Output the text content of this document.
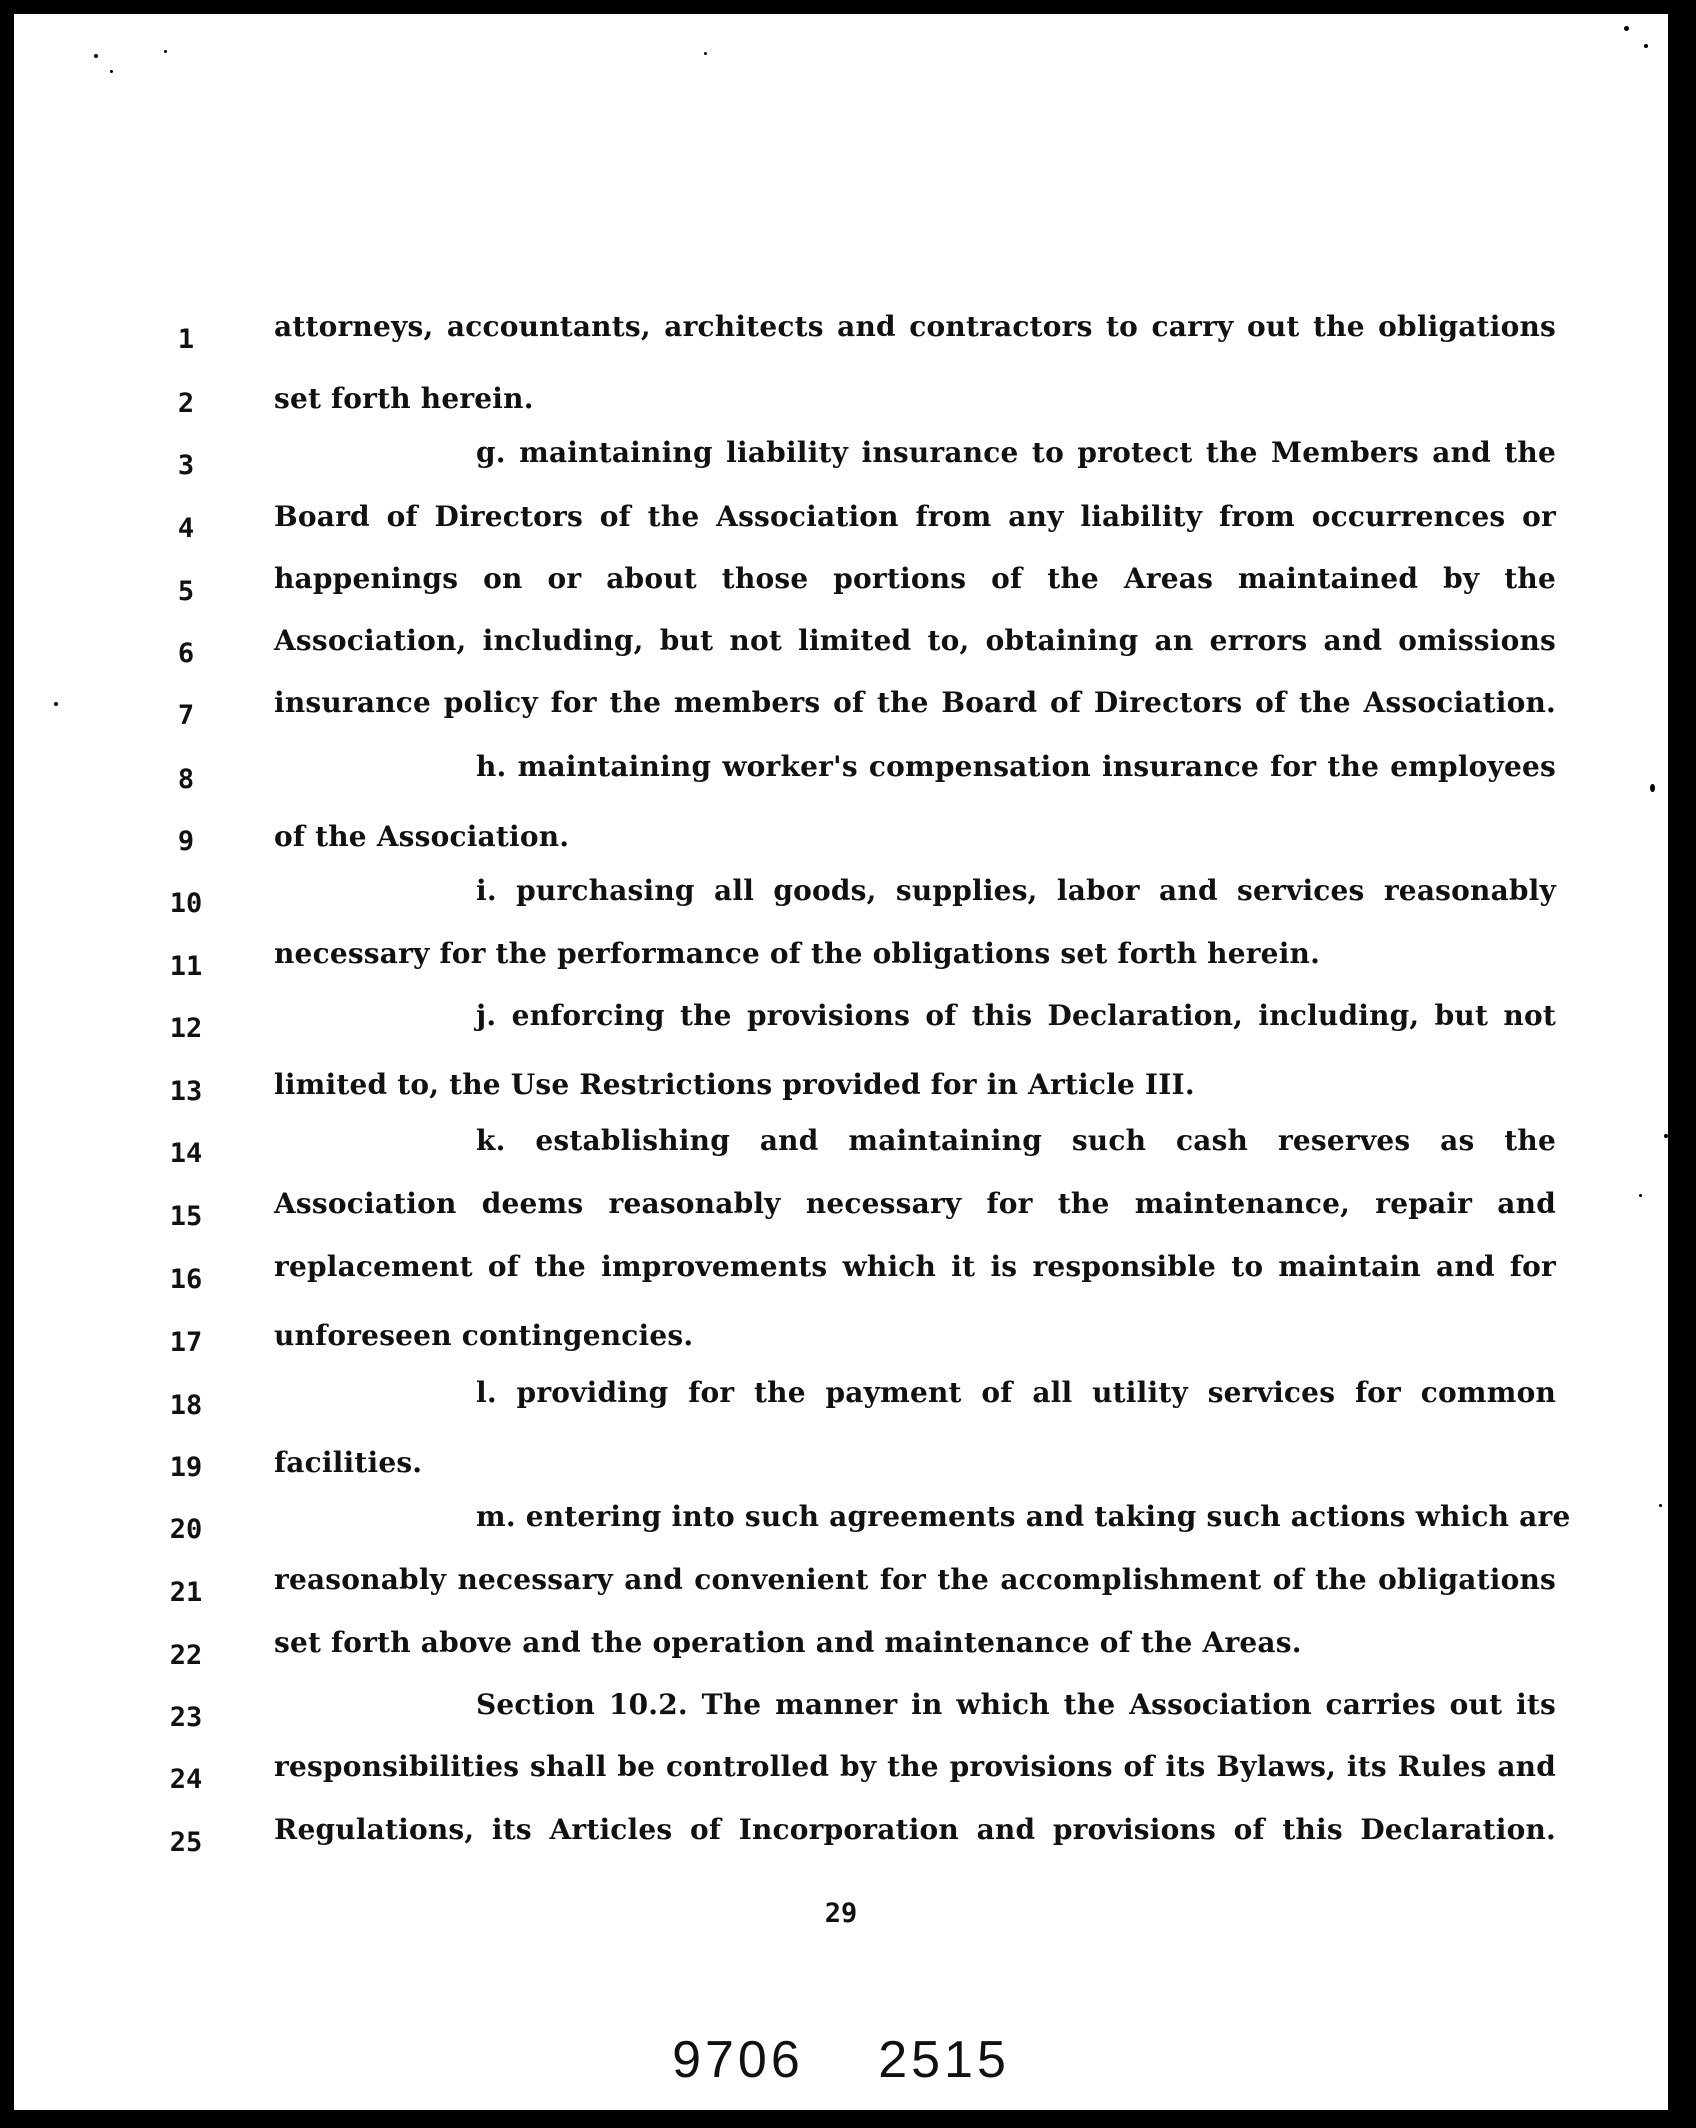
1	attorneys, accountants, architects and contractors to carry out the obligations
2	set forth herein.
3	g. maintaining liability insurance to protect the Members and the
4	Board of Directors of the Association from any liability from occurrences or
5	happenings on or about those portions of the Areas maintained by the
6	Association, including, but not limited to, obtaining an errors and omissions
7	insurance policy for the members of the Board of Directors of the Association.
8	h. maintaining worker's compensation insurance for the employees
9	of the Association.
10	i. purchasing all goods, supplies, labor and services reasonably
11	necessary for the performance of the obligations set forth herein.
12	j. enforcing the provisions of this Declaration, including, but not
13	limited to, the Use Restrictions provided for in Article III.
14	k. establishing and maintaining such cash reserves as the
15	Association deems reasonably necessary for the maintenance, repair and
16	replacement of the improvements which it is responsible to maintain and for
17	unforeseen contingencies.
18	l. providing for the payment of all utility services for common
19	facilities.
20	m. entering into such agreements and taking such actions which are
21	reasonably necessary and convenient for the accomplishment of the obligations
22	set forth above and the operation and maintenance of the Areas.
23	Section 10.2. The manner in which the Association carries out its
24	responsibilities shall be controlled by the provisions of its Bylaws, its Rules and
25	Regulations, its Articles of Incorporation and provisions of this Declaration.
29
9706 2515
